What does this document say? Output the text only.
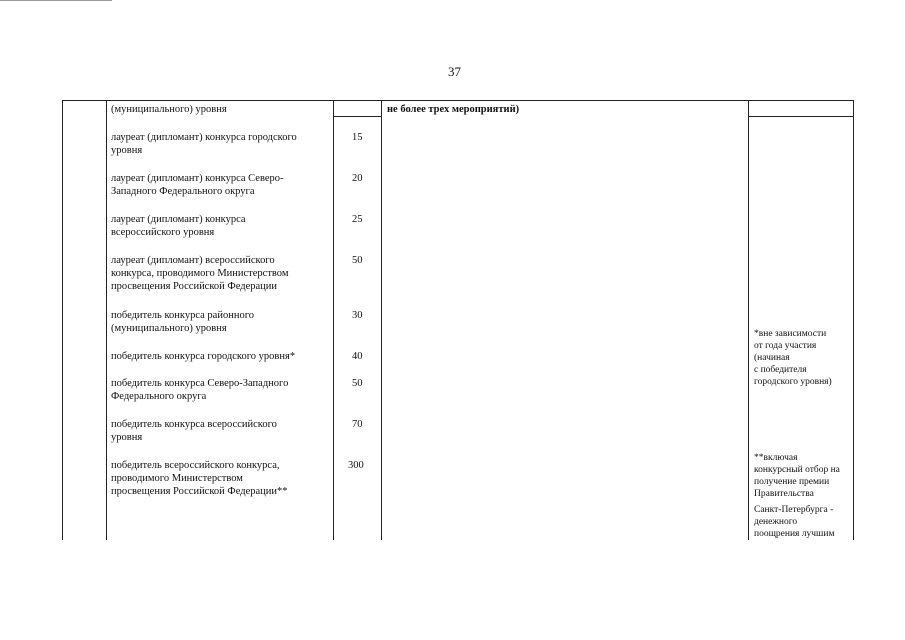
37
(муниципального) уровня	не более трех мероприятий)
лауреат (дипломант) конкурса городского
уровня
15
лауреат (дипломант) конкурса Северо-
Западного Федерального округа
20
лауреат (дипломант) конкурса
всероссийского уровня
25
лауреат (дипломант) всероссийского
конкурса, проводимого Министерством
просвещения Российской Федерации
50
победитель конкурса районного
(муниципального) уровня
30
победитель конкурса городского уровня*	40
победитель конкурса Северо-Западного
Федерального округа
50
победитель конкурса всероссийского
уровня
70
победитель всероссийского конкурса,
проводимого Министерством
просвещения Российской Федерации**
300
*вне зависимости
от года участия
(начиная
с победителя
городского уровня)
**включая
конкурсный отбор на
получение премии
Правительства
Санкт-Петербурга -
денежного
поощрения лучшим
